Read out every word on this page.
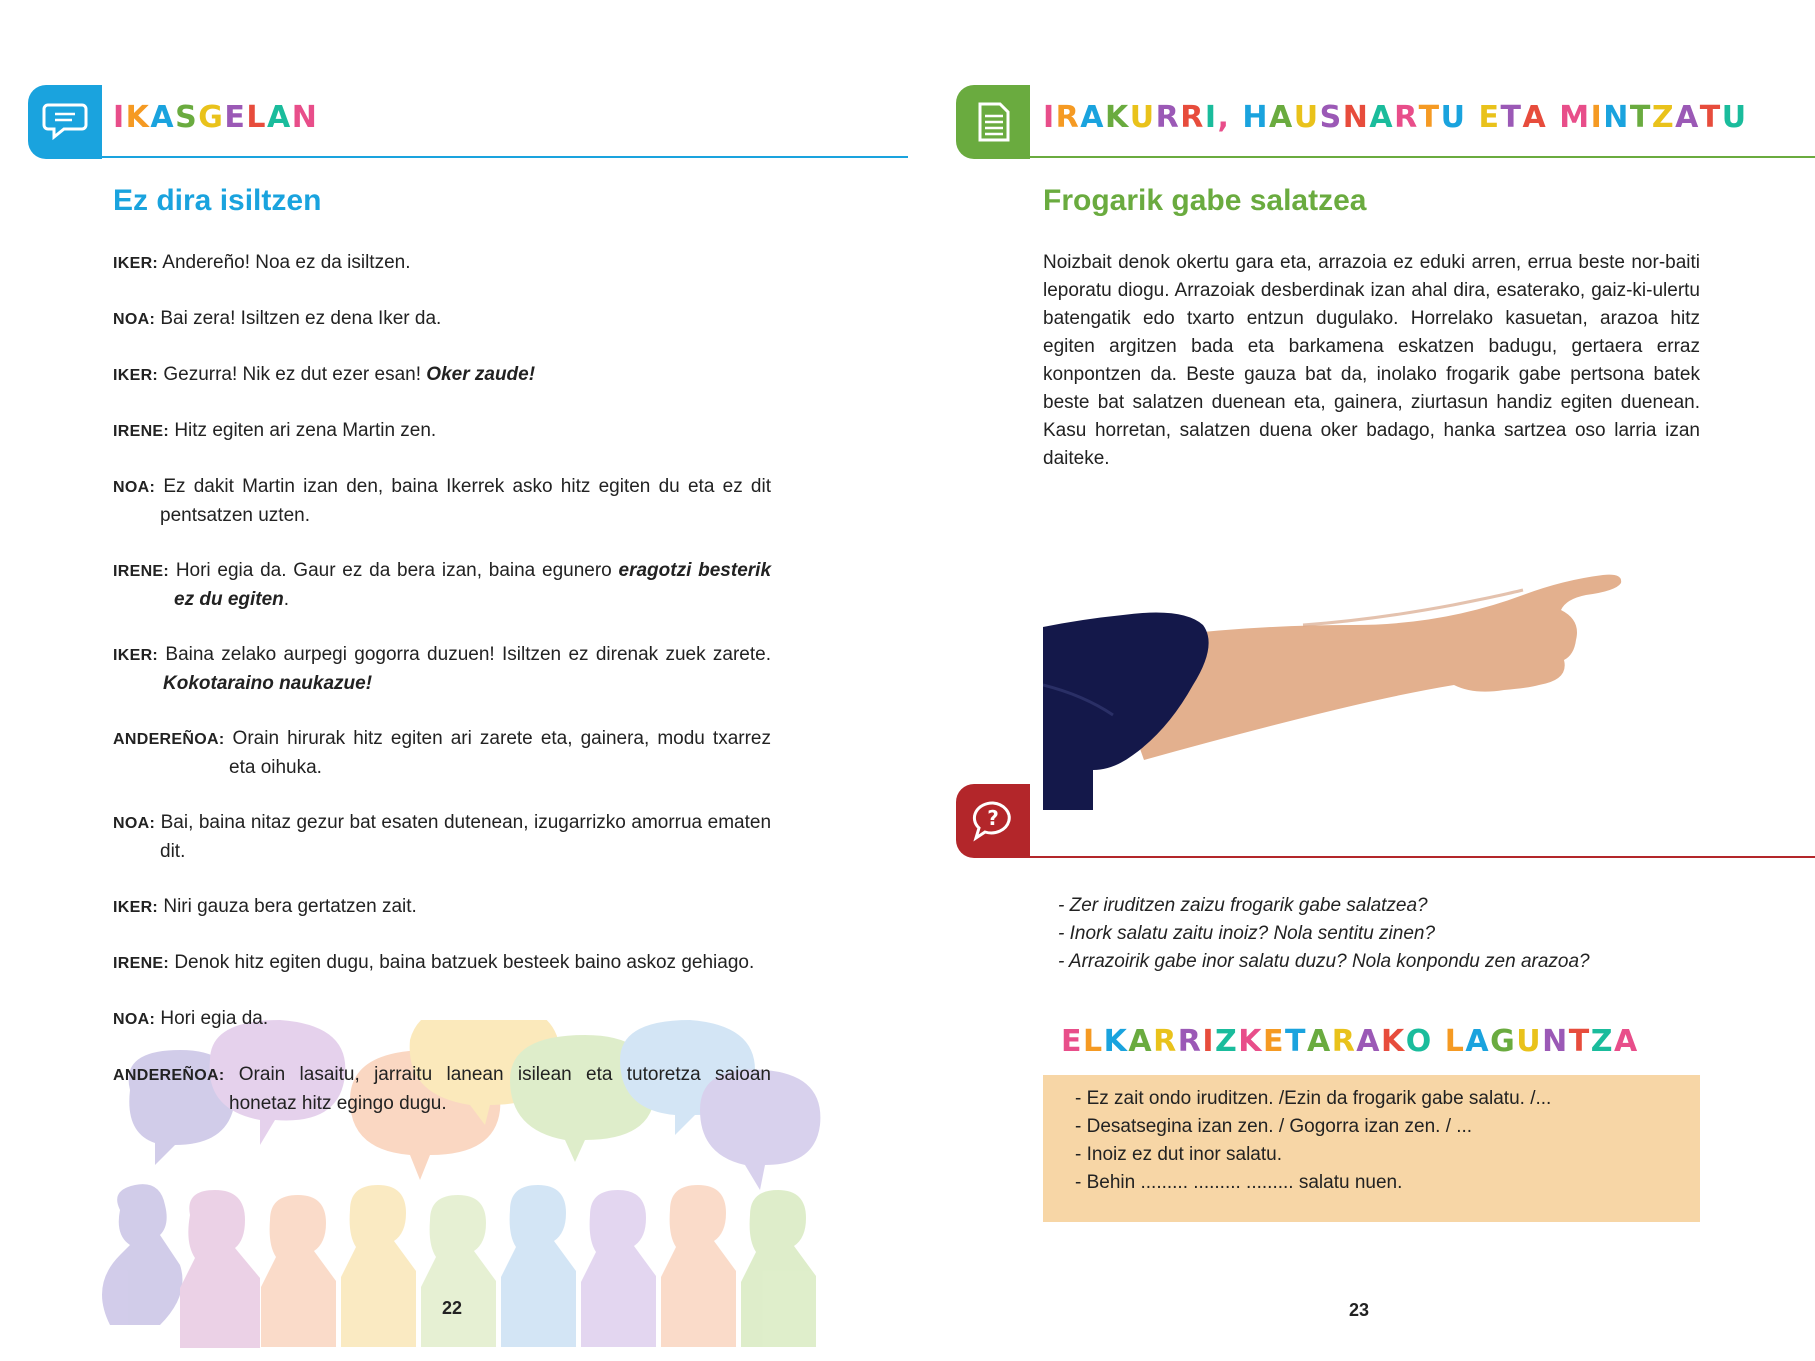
IKASGELAN
Ez dira isiltzen
IKER: Andereño! Noa ez da isiltzen.
NOA: Bai zera! Isiltzen ez dena Iker da.
IKER: Gezurra! Nik ez dut ezer esan! Oker zaude!
IRENE: Hitz egiten ari zena Martin zen.
NOA: Ez dakit Martin izan den, baina Ikerrek asko hitz egiten du eta ez dit pentsatzen uzten.
IRENE: Hori egia da. Gaur ez da bera izan, baina egunero eragotzi besterik ez du egiten.
IKER: Baina zelako aurpegi gogorra duzuen! Isiltzen ez direnak zuek zarete. Kokotaraino naukazue!
ANDEREÑOA: Orain hirurak hitz egiten ari zarete eta, gainera, modu txarrez eta oihuka.
NOA: Bai, baina nitaz gezur bat esaten dutenean, izugarrizko amorrua ematen dit.
IKER: Niri gauza bera gertatzen zait.
IRENE: Denok hitz egiten dugu, baina batzuek besteek baino askoz gehiago.
NOA: Hori egia da.
ANDEREÑOA: Orain lasaitu, jarraitu lanean isilean eta tutoretza saioan honetaz hitz egingo dugu.
22
IRAKURRI, HAUSNARTU ETA MINTZATU
Frogarik gabe salatzea
Noizbait denok okertu gara eta, arrazoia ez eduki arren, errua beste nor-baiti leporatu diogu. Arrazoiak desberdinak izan ahal dira, esaterako, gaiz-ki-ulertu batengatik edo txarto entzun dugulako. Horrelako kasuetan, arazoa hitz egiten argitzen bada eta barkamena eskatzen badugu, gertaera erraz konpontzen da. Beste gauza bat da, inolako frogarik gabe pertsona batek beste bat salatzen duenean eta, gainera, ziurtasun handiz egiten duenean. Kasu horretan, salatzen duena oker badago, hanka sartzea oso larria izan daiteke.
?
- Zer iruditzen zaizu frogarik gabe salatzea?
- Inork salatu zaitu inoiz? Nola sentitu zinen?
- Arrazoirik gabe inor salatu duzu? Nola konpondu zen arazoa?
ELKARRIZKETARAKO LAGUNTZA
- Ez zait ondo iruditzen. /Ezin da frogarik gabe salatu. /...
- Desatsegina izan zen. / Gogorra izan zen. / ...
- Inoiz ez dut inor salatu.
- Behin ......... ......... ......... salatu nuen.
23
